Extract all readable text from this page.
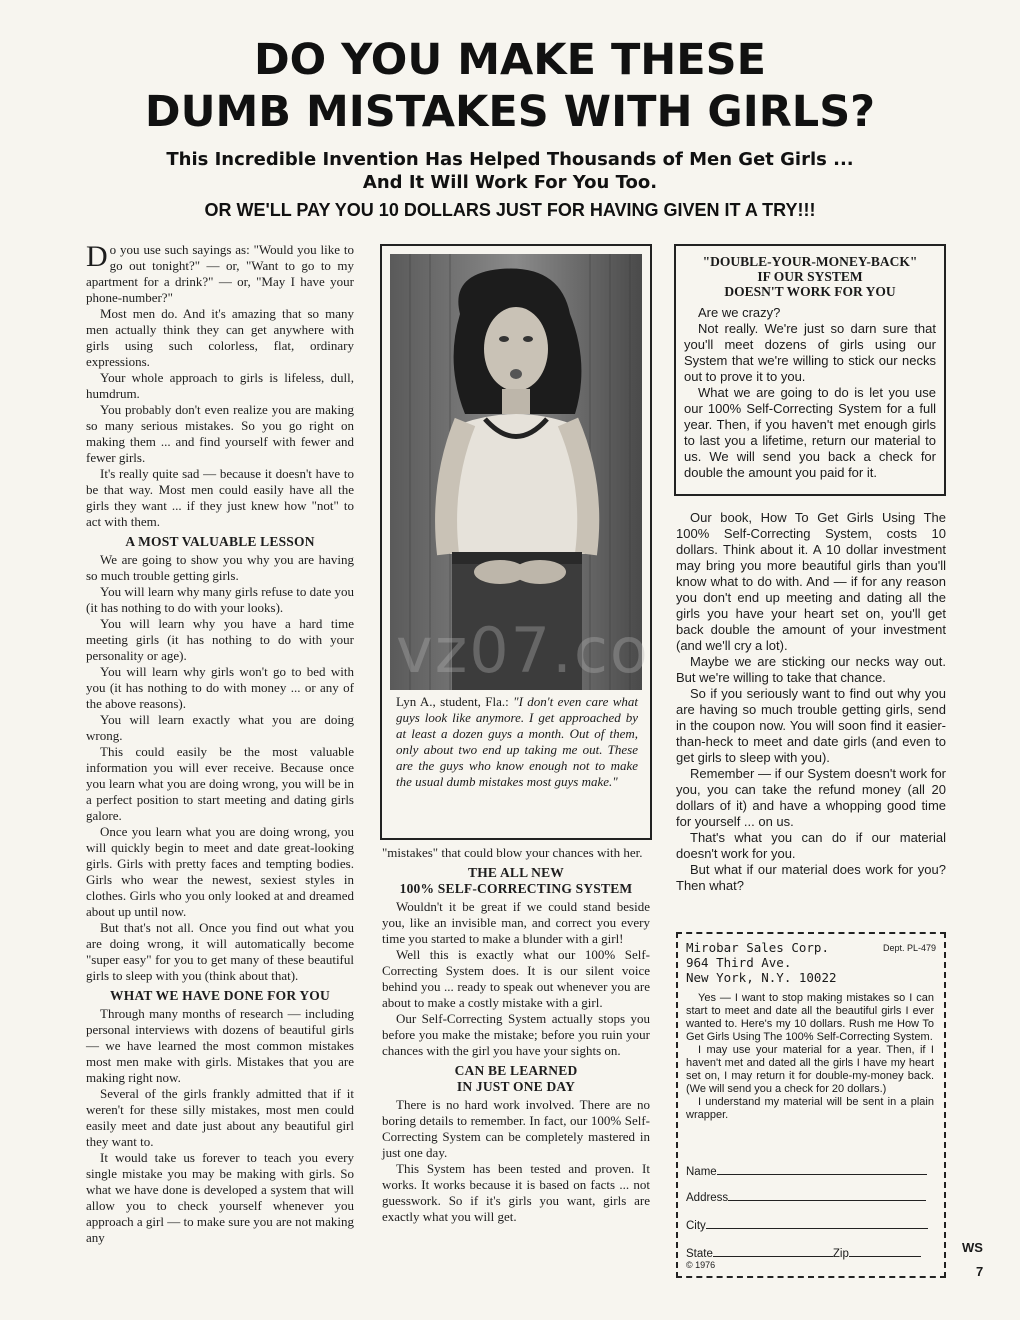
DO YOU MAKE THESE
DUMB MISTAKES WITH GIRLS?
This Incredible Invention Has Helped Thousands of Men Get Girls ...
And It Will Work For You Too.
OR WE'LL PAY YOU 10 DOLLARS JUST FOR HAVING GIVEN IT A TRY!!!

Do you use such sayings as: "Would you like to go out tonight?" — or, "Want to go to my apartment for a drink?" — or, "May I have your phone-number?"

Most men do. And it's amazing that so many men actually think they can get anywhere with girls using such colorless, flat, ordinary expressions.

Your whole approach to girls is lifeless, dull, humdrum.

You probably don't even realize you are making so many serious mistakes. So you go right on making them ... and find yourself with fewer and fewer girls.

It's really quite sad — because it doesn't have to be that way. Most men could easily have all the girls they want ... if they just knew how "not" to act with them.

A MOST VALUABLE LESSON

We are going to show you why you are having so much trouble getting girls.

You will learn why many girls refuse to date you (it has nothing to do with your looks).

You will learn why you have a hard time meeting girls (it has nothing to do with your personality or age).

You will learn why girls won't go to bed with you (it has nothing to do with money ... or any of the above reasons).

You will learn exactly what you are doing wrong.

This could easily be the most valuable information you will ever receive. Because once you learn what you are doing wrong, you will be in a perfect position to start meeting and dating girls galore.

Once you learn what you are doing wrong, you will quickly begin to meet and date great-looking girls. Girls with pretty faces and tempting bodies. Girls who wear the newest, sexiest styles in clothes. Girls who you only looked at and dreamed about up until now.

But that's not all. Once you find out what you are doing wrong, it will automatically become "super easy" for you to get many of these beautiful girls to sleep with you (think about that).

WHAT WE HAVE DONE FOR YOU

Through many months of research — including personal interviews with dozens of beautiful girls — we have learned the most common mistakes most men make with girls. Mistakes that you are making right now.

Several of the girls frankly admitted that if it weren't for these silly mistakes, most men could easily meet and date just about any beautiful girl they want to.

It would take us forever to teach you every single mistake you may be making with girls. So what we have done is developed a system that will allow you to check yourself whenever you approach a girl — to make sure you are not making any

Lyn A., student, Fla.: "I don't even care what guys look like anymore. I get approached by at least a dozen guys a month. Out of them, only about two end up taking me out. These are the guys who know enough not to make the usual dumb mistakes most guys make."
vz07.co

"mistakes" that could blow your chances with her.

THE ALL NEW
100% SELF-CORRECTING SYSTEM

Wouldn't it be great if we could stand beside you, like an invisible man, and correct you every time you started to make a blunder with a girl!

Well this is exactly what our 100% Self-Correcting System does. It is our silent voice behind you ... ready to speak out whenever you are about to make a costly mistake with a girl.

Our Self-Correcting System actually stops you before you make the mistake; before you ruin your chances with the girl you have your sights on.

CAN BE LEARNED
IN JUST ONE DAY

There is no hard work involved. There are no boring details to remember. In fact, our 100% Self-Correcting System can be completely mastered in just one day.

This System has been tested and proven. It works. It works because it is based on facts ... not guesswork. So if it's girls you want, girls are exactly what you will get.

"DOUBLE-YOUR-MONEY-BACK"
IF OUR SYSTEM
DOESN'T WORK FOR YOU

Are we crazy?

Not really. We're just so darn sure that you'll meet dozens of girls using our System that we're willing to stick our necks out to prove it to you.

What we are going to do is let you use our 100% Self-Correcting System for a full year. Then, if you haven't met enough girls to last you a lifetime, return our material to us. We will send you back a check for double the amount you paid for it.

Our book, How To Get Girls Using The 100% Self-Correcting System, costs 10 dollars. Think about it. A 10 dollar investment may bring you more beautiful girls than you'll know what to do with. And — if for any reason you don't end up meeting and dating all the girls you have your heart set on, you'll get back double the amount of your investment (and we'll cry a lot).

Maybe we are sticking our necks way out. But we're willing to take that chance.

So if you seriously want to find out why you are having so much trouble getting girls, send in the coupon now. You will soon find it easier-than-heck to meet and date girls (and even to get girls to sleep with you).

Remember — if our System doesn't work for you, you can take the refund money (all 20 dollars of it) and have a whopping good time for yourself ... on us.

That's what you can do if our material doesn't work for you.

But what if our material does work for you? Then what?

Mirobar Sales Corp.
964 Third Ave.
New York, N.Y. 10022
Dept. PL-479

Yes — I want to stop making mistakes so I can start to meet and date all the beautiful girls I ever wanted to. Here's my 10 dollars. Rush me How To Get Girls Using The 100% Self-Correcting System.

I may use your material for a year. Then, if I haven't met and dated all the girls I have my heart set on, I may return it for double-my-money back. (We will send you a check for 20 dollars.)

I understand my material will be sent in a plain wrapper.

Name
Address
City
State	Zip
© 1976
WS
7
